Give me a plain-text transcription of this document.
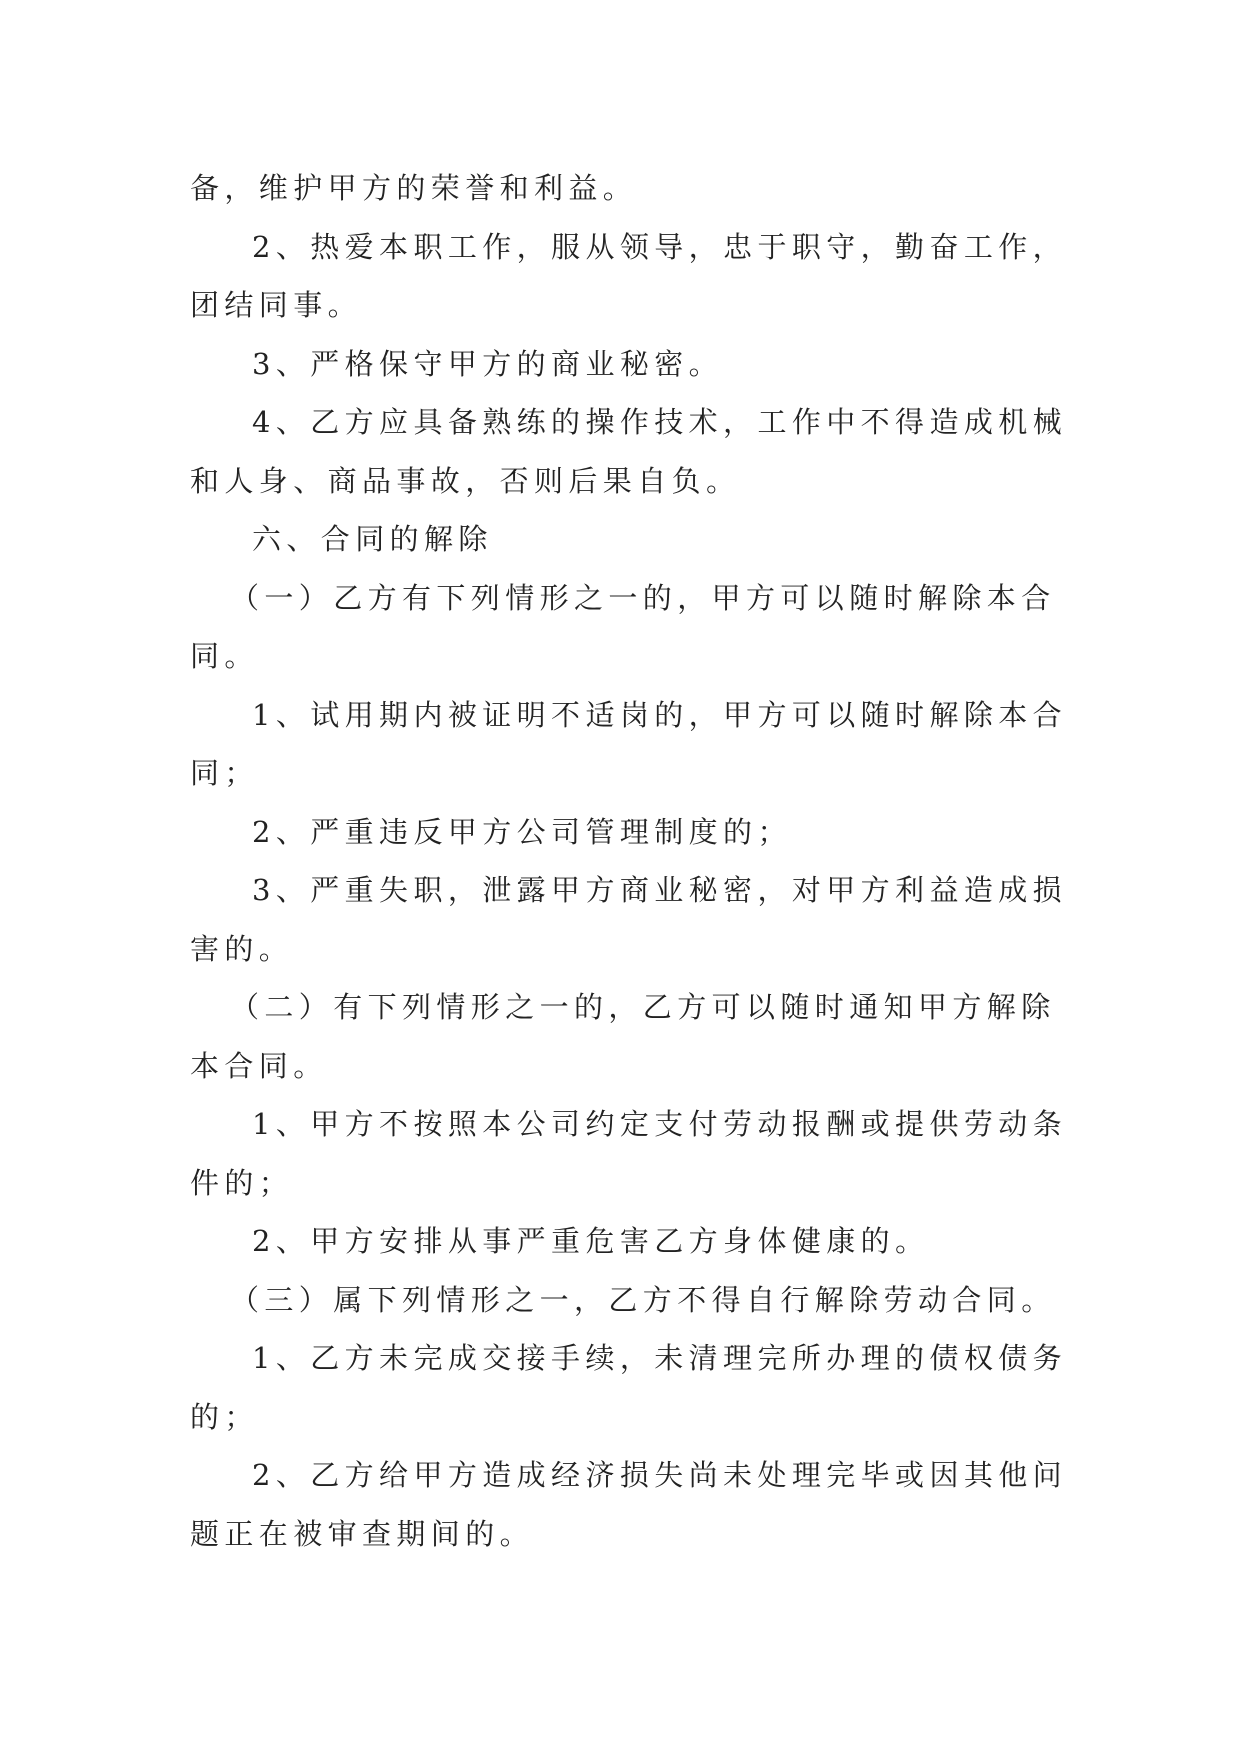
备，维护甲方的荣誉和利益。
2、热爱本职工作，服从领导，忠于职守，勤奋工作，
团结同事。
3、严格保守甲方的商业秘密。
4、乙方应具备熟练的操作技术，工作中不得造成机械
和人身、商品事故，否则后果自负。
六、合同的解除
（一）乙方有下列情形之一的，甲方可以随时解除本合
同。
1、试用期内被证明不适岗的，甲方可以随时解除本合
同；
2、严重违反甲方公司管理制度的；
3、严重失职，泄露甲方商业秘密，对甲方利益造成损
害的。
（二）有下列情形之一的，乙方可以随时通知甲方解除
本合同。
1、甲方不按照本公司约定支付劳动报酬或提供劳动条
件的；
2、甲方安排从事严重危害乙方身体健康的。
（三）属下列情形之一，乙方不得自行解除劳动合同。
1、乙方未完成交接手续，未清理完所办理的债权债务
的；
2、乙方给甲方造成经济损失尚未处理完毕或因其他问
题正在被审查期间的。
